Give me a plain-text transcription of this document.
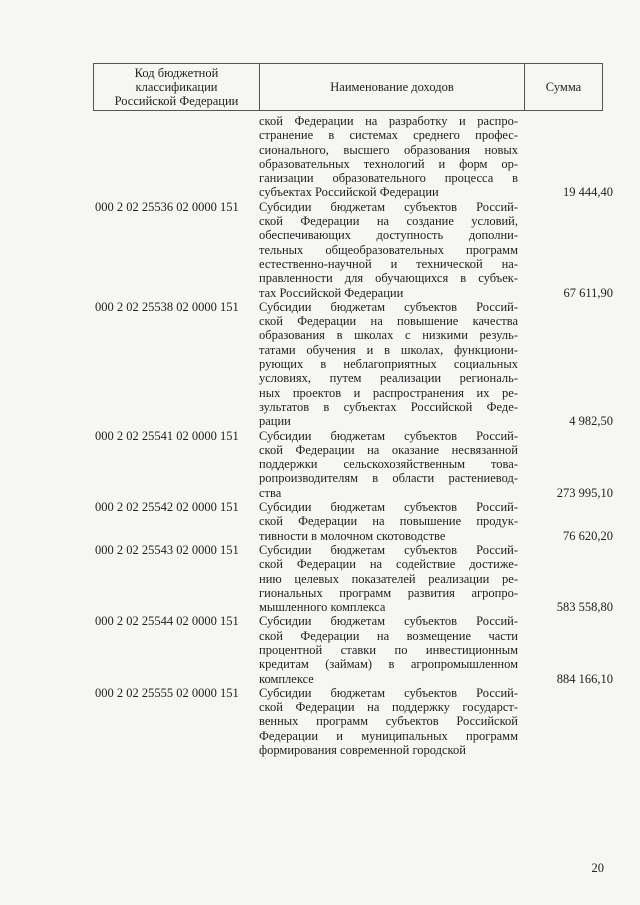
Код бюджетной
классификации
Российской Федерации
Наименование доходов	Сумма
ской Федерации на разработку и распро-
странение в системах среднего профес-
сионального, высшего образования новых
образовательных технологий и форм ор-
ганизации образовательного процесса в
субъектах Российской Федерации	19 444,40
000 2 02 25536 02 0000 151	Субсидии бюджетам субъектов Россий-
ской Федерации на создание условий,
обеспечивающих доступность дополни-
тельных общеобразовательных программ
естественно-научной и технической на-
правленности для обучающихся в субъек-
тах Российской Федерации	67 611,90
000 2 02 25538 02 0000 151	Субсидии бюджетам субъектов Россий-
ской Федерации на повышение качества
образования в школах с низкими резуль-
татами обучения и в школах, функциони-
рующих в неблагоприятных социальных
условиях, путем реализации региональ-
ных проектов и распространения их ре-
зультатов в субъектах Российской Феде-
рации	4 982,50
000 2 02 25541 02 0000 151	Субсидии бюджетам субъектов Россий-
ской Федерации на оказание несвязанной
поддержки сельскохозяйственным това-
ропроизводителям в области растениевод-
ства	273 995,10
000 2 02 25542 02 0000 151	Субсидии бюджетам субъектов Россий-
ской Федерации на повышение продук-
тивности в молочном скотоводстве	76 620,20
000 2 02 25543 02 0000 151	Субсидии бюджетам субъектов Россий-
ской Федерации на содействие достиже-
нию целевых показателей реализации ре-
гиональных программ развития агропро-
мышленного комплекса	583 558,80
000 2 02 25544 02 0000 151	Субсидии бюджетам субъектов Россий-
ской Федерации на возмещение части
процентной ставки по инвестиционным
кредитам (займам) в агропромышленном
комплексе	884 166,10
000 2 02 25555 02 0000 151	Субсидии бюджетам субъектов Россий-
ской Федерации на поддержку государст-
венных программ субъектов Российской
Федерации и муниципальных программ
формирования современной городской
20
